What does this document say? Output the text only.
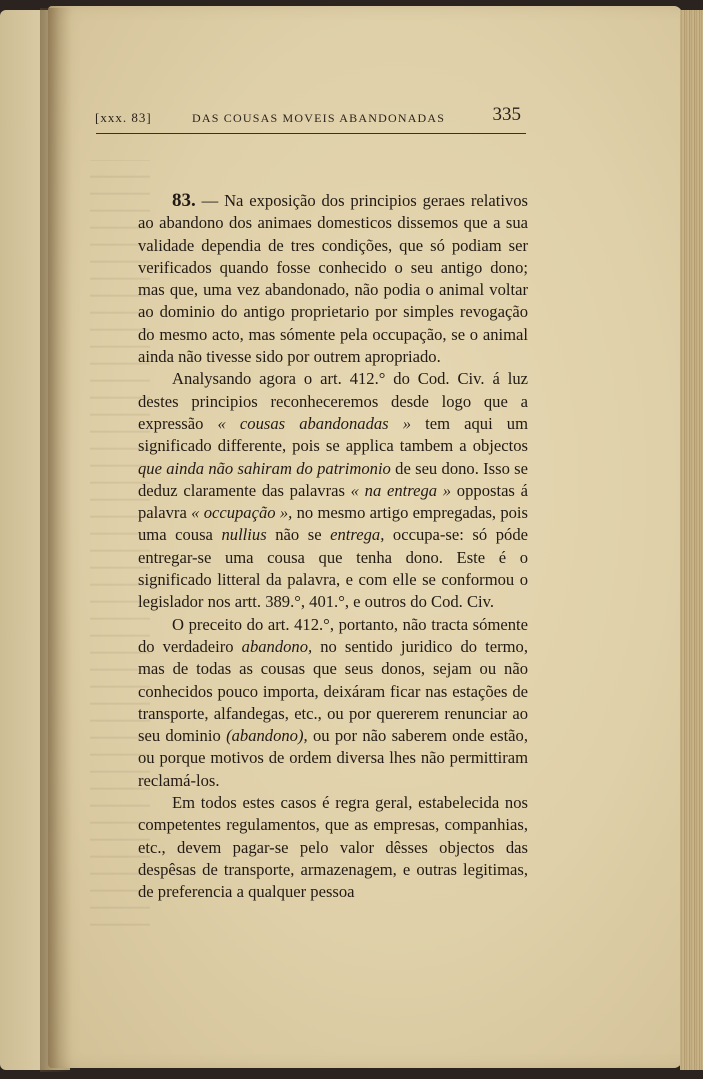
[xxx. 83]	DAS COUSAS MOVEIS ABANDONADAS 335

83. — Na exposição dos principios geraes relativos ao abandono dos animaes domesticos dissemos que a sua validade dependia de tres condições, que só podiam ser verificados quando fosse conhecido o seu antigo dono; mas que, uma vez abandonado, não podia o animal voltar ao dominio do antigo proprietario por simples revogação do mesmo acto, mas sómente pela occupação, se o animal ainda não tivesse sido por outrem apropriado.

Analysando agora o art. 412.° do Cod. Civ. á luz destes principios reconheceremos desde logo que a expressão « cousas abandonadas » tem aqui um significado differente, pois se applica tambem a objectos que ainda não sahiram do patrimonio de seu dono. Isso se deduz claramente das palavras « na entrega » oppostas á palavra « occupação », no mesmo artigo empregadas, pois uma cousa nullius não se entrega, occupa-se: só póde entregar-se uma cousa que tenha dono. Este é o significado litteral da palavra, e com elle se conformou o legislador nos artt. 389.°, 401.°, e outros do Cod. Civ.

O preceito do art. 412.°, portanto, não tracta sómente do verdadeiro abandono, no sentido juridico do termo, mas de todas as cousas que seus donos, sejam ou não conhecidos pouco importa, deixáram ficar nas estações de transporte, alfandegas, etc., ou por quererem renunciar ao seu dominio (abandono), ou por não saberem onde estão, ou porque motivos de ordem diversa lhes não permittiram reclamá-los.

Em todos estes casos é regra geral, estabelecida nos competentes regulamentos, que as empresas, companhias, etc., devem pagar-se pelo valor dêsses objectos das despêsas de transporte, armazenagem, e outras legitimas, de preferencia a qualquer pessoa
